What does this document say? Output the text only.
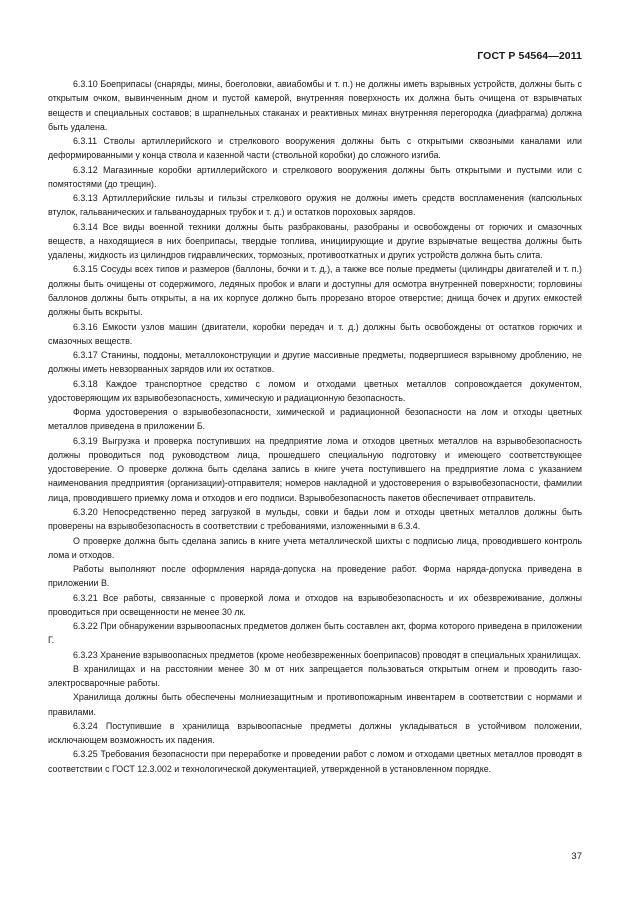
ГОСТ Р 54564—2011

6.3.10 Боеприпасы (снаряды, мины, боеголовки, авиабомбы и т. п.) не должны иметь взрывных устройств, должны быть с открытым очком, вывинченным дном и пустой камерой, внутренняя поверхность их должна быть очищена от взрывчатых веществ и специальных составов; в шрапнельных стаканах и реактивных минах внутренняя перегородка (диафрагма) должна быть удалена.

6.3.11 Стволы артиллерийского и стрелкового вооружения должны быть с открытыми сквозными каналами или деформированными у конца ствола и казенной части (ствольной коробки) до сложного изгиба.

6.3.12 Магазинные коробки артиллерийского и стрелкового вооружения должны быть открытыми и пустыми или с помятостями (до трещин).

6.3.13 Артиллерийские гильзы и гильзы стрелкового оружия не должны иметь средств воспламенения (капсюльных втулок, гальванических и гальваноударных трубок и т. д.) и остатков пороховых зарядов.

6.3.14 Все виды военной техники должны быть разбракованы, разобраны и освобождены от горючих и смазочных веществ, а находящиеся в них боеприпасы, твердые топлива, инициирующие и другие взрывчатые вещества должны быть удалены, жидкость из цилиндров гидравлических, тормозных, противооткатных и других устройств должна быть слита.

6.3.15 Сосуды всех типов и размеров (баллоны, бочки и т. д.), а также все полые предметы (цилиндры двигателей и т. п.) должны быть очищены от содержимого, ледяных пробок и влаги и доступны для осмотра внутренней поверхности; горловины баллонов должны быть открыты, а на их корпусе должно быть прорезано второе отверстие; днища бочек и других емкостей должны быть вскрыты.

6.3.16 Емкости узлов машин (двигатели, коробки передач и т. д.) должны быть освобождены от остатков горючих и смазочных веществ.

6.3.17 Станины, поддоны, металлоконструкции и другие массивные предметы, подвергшиеся взрывному дроблению, не должны иметь невзорванных зарядов или их остатков.

6.3.18 Каждое транспортное средство с ломом и отходами цветных металлов сопровождается документом, удостоверяющим их взрывобезопасность, химическую и радиационную безопасность.

Форма удостоверения о взрывобезопасности, химической и радиационной безопасности на лом и отходы цветных металлов приведена в приложении Б.

6.3.19 Выгрузка и проверка поступивших на предприятие лома и отходов цветных металлов на взрывобезопасность должны проводиться под руководством лица, прошедшего специальную подготовку и имеющего соответствующее удостоверение. О проверке должна быть сделана запись в книге учета поступившего на предприятие лома с указанием наименования предприятия (организации)-отправителя; номеров накладной и удостоверения о взрывобезопасности, фамилии лица, проводившего приемку лома и отходов и его подписи. Взрывобезопасность пакетов обеспечивает отправитель.

6.3.20 Непосредственно перед загрузкой в мульды, совки и бадьи лом и отходы цветных металлов должны быть проверены на взрывобезопасность в соответствии с требованиями, изложенными в 6.3.4.

О проверке должна быть сделана запись в книге учета металлической шихты с подписью лица, проводившего контроль лома и отходов.

Работы выполняют после оформления наряда-допуска на проведение работ. Форма наряда-допуска приведена в приложении В.

6.3.21 Все работы, связанные с проверкой лома и отходов на взрывобезопасность и их обезвреживание, должны проводиться при освещенности не менее 30 лк.

6.3.22 При обнаружении взрывоопасных предметов должен быть составлен акт, форма которого приведена в приложении Г.

6.3.23 Хранение взрывоопасных предметов (кроме необезвреженных боеприпасов) проводят в специальных хранилищах.

В хранилищах и на расстоянии менее 30 м от них запрещается пользоваться открытым огнем и проводить газо-электросварочные работы.

Хранилища должны быть обеспечены молниезащитным и противопожарным инвентарем в соответствии с нормами и правилами.

6.3.24 Поступившие в хранилища взрывоопасные предметы должны укладываться в устойчивом положении, исключающем возможность их падения.

6.3.25 Требования безопасности при переработке и проведении работ с ломом и отходами цветных металлов проводят в соответствии с ГОСТ 12.3.002 и технологической документацией, утвержденной в установленном порядке.

37
